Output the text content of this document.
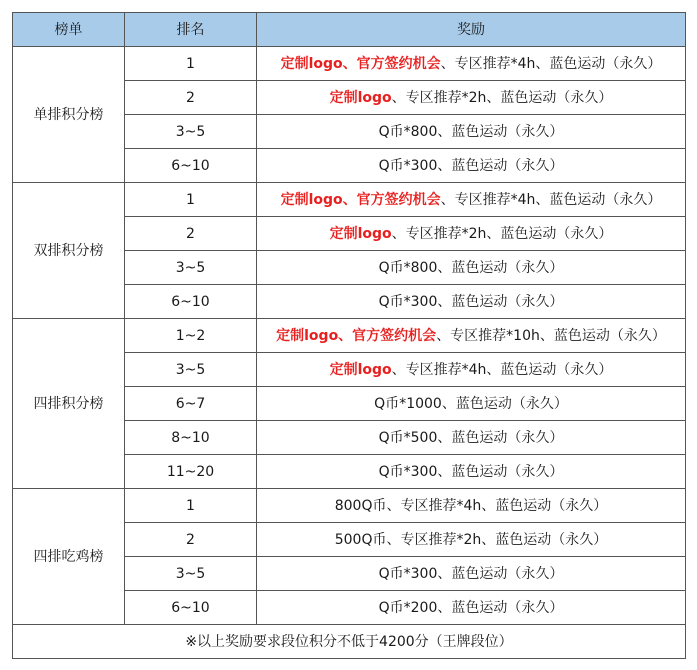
榜单	排名	奖励
单排积分榜	1	定制logo、官方签约机会、专区推荐*4h、蓝色运动（永久）
	2	定制logo、专区推荐*2h、蓝色运动（永久）
	3~5	Q币*800、蓝色运动（永久）
	6~10	Q币*300、蓝色运动（永久）
双排积分榜	1	定制logo、官方签约机会、专区推荐*4h、蓝色运动（永久）
	2	定制logo、专区推荐*2h、蓝色运动（永久）
	3~5	Q币*800、蓝色运动（永久）
	6~10	Q币*300、蓝色运动（永久）
四排积分榜	1~2	定制logo、官方签约机会、专区推荐*10h、蓝色运动（永久）
	3~5	定制logo、专区推荐*4h、蓝色运动（永久）
	6~7	Q币*1000、蓝色运动（永久）
	8~10	Q币*500、蓝色运动（永久）
	11~20	Q币*300、蓝色运动（永久）
四排吃鸡榜	1	800Q币、专区推荐*4h、蓝色运动（永久）
	2	500Q币、专区推荐*2h、蓝色运动（永久）
	3~5	Q币*300、蓝色运动（永久）
	6~10	Q币*200、蓝色运动（永久）
※以上奖励要求段位积分不低于4200分（王牌段位）		
